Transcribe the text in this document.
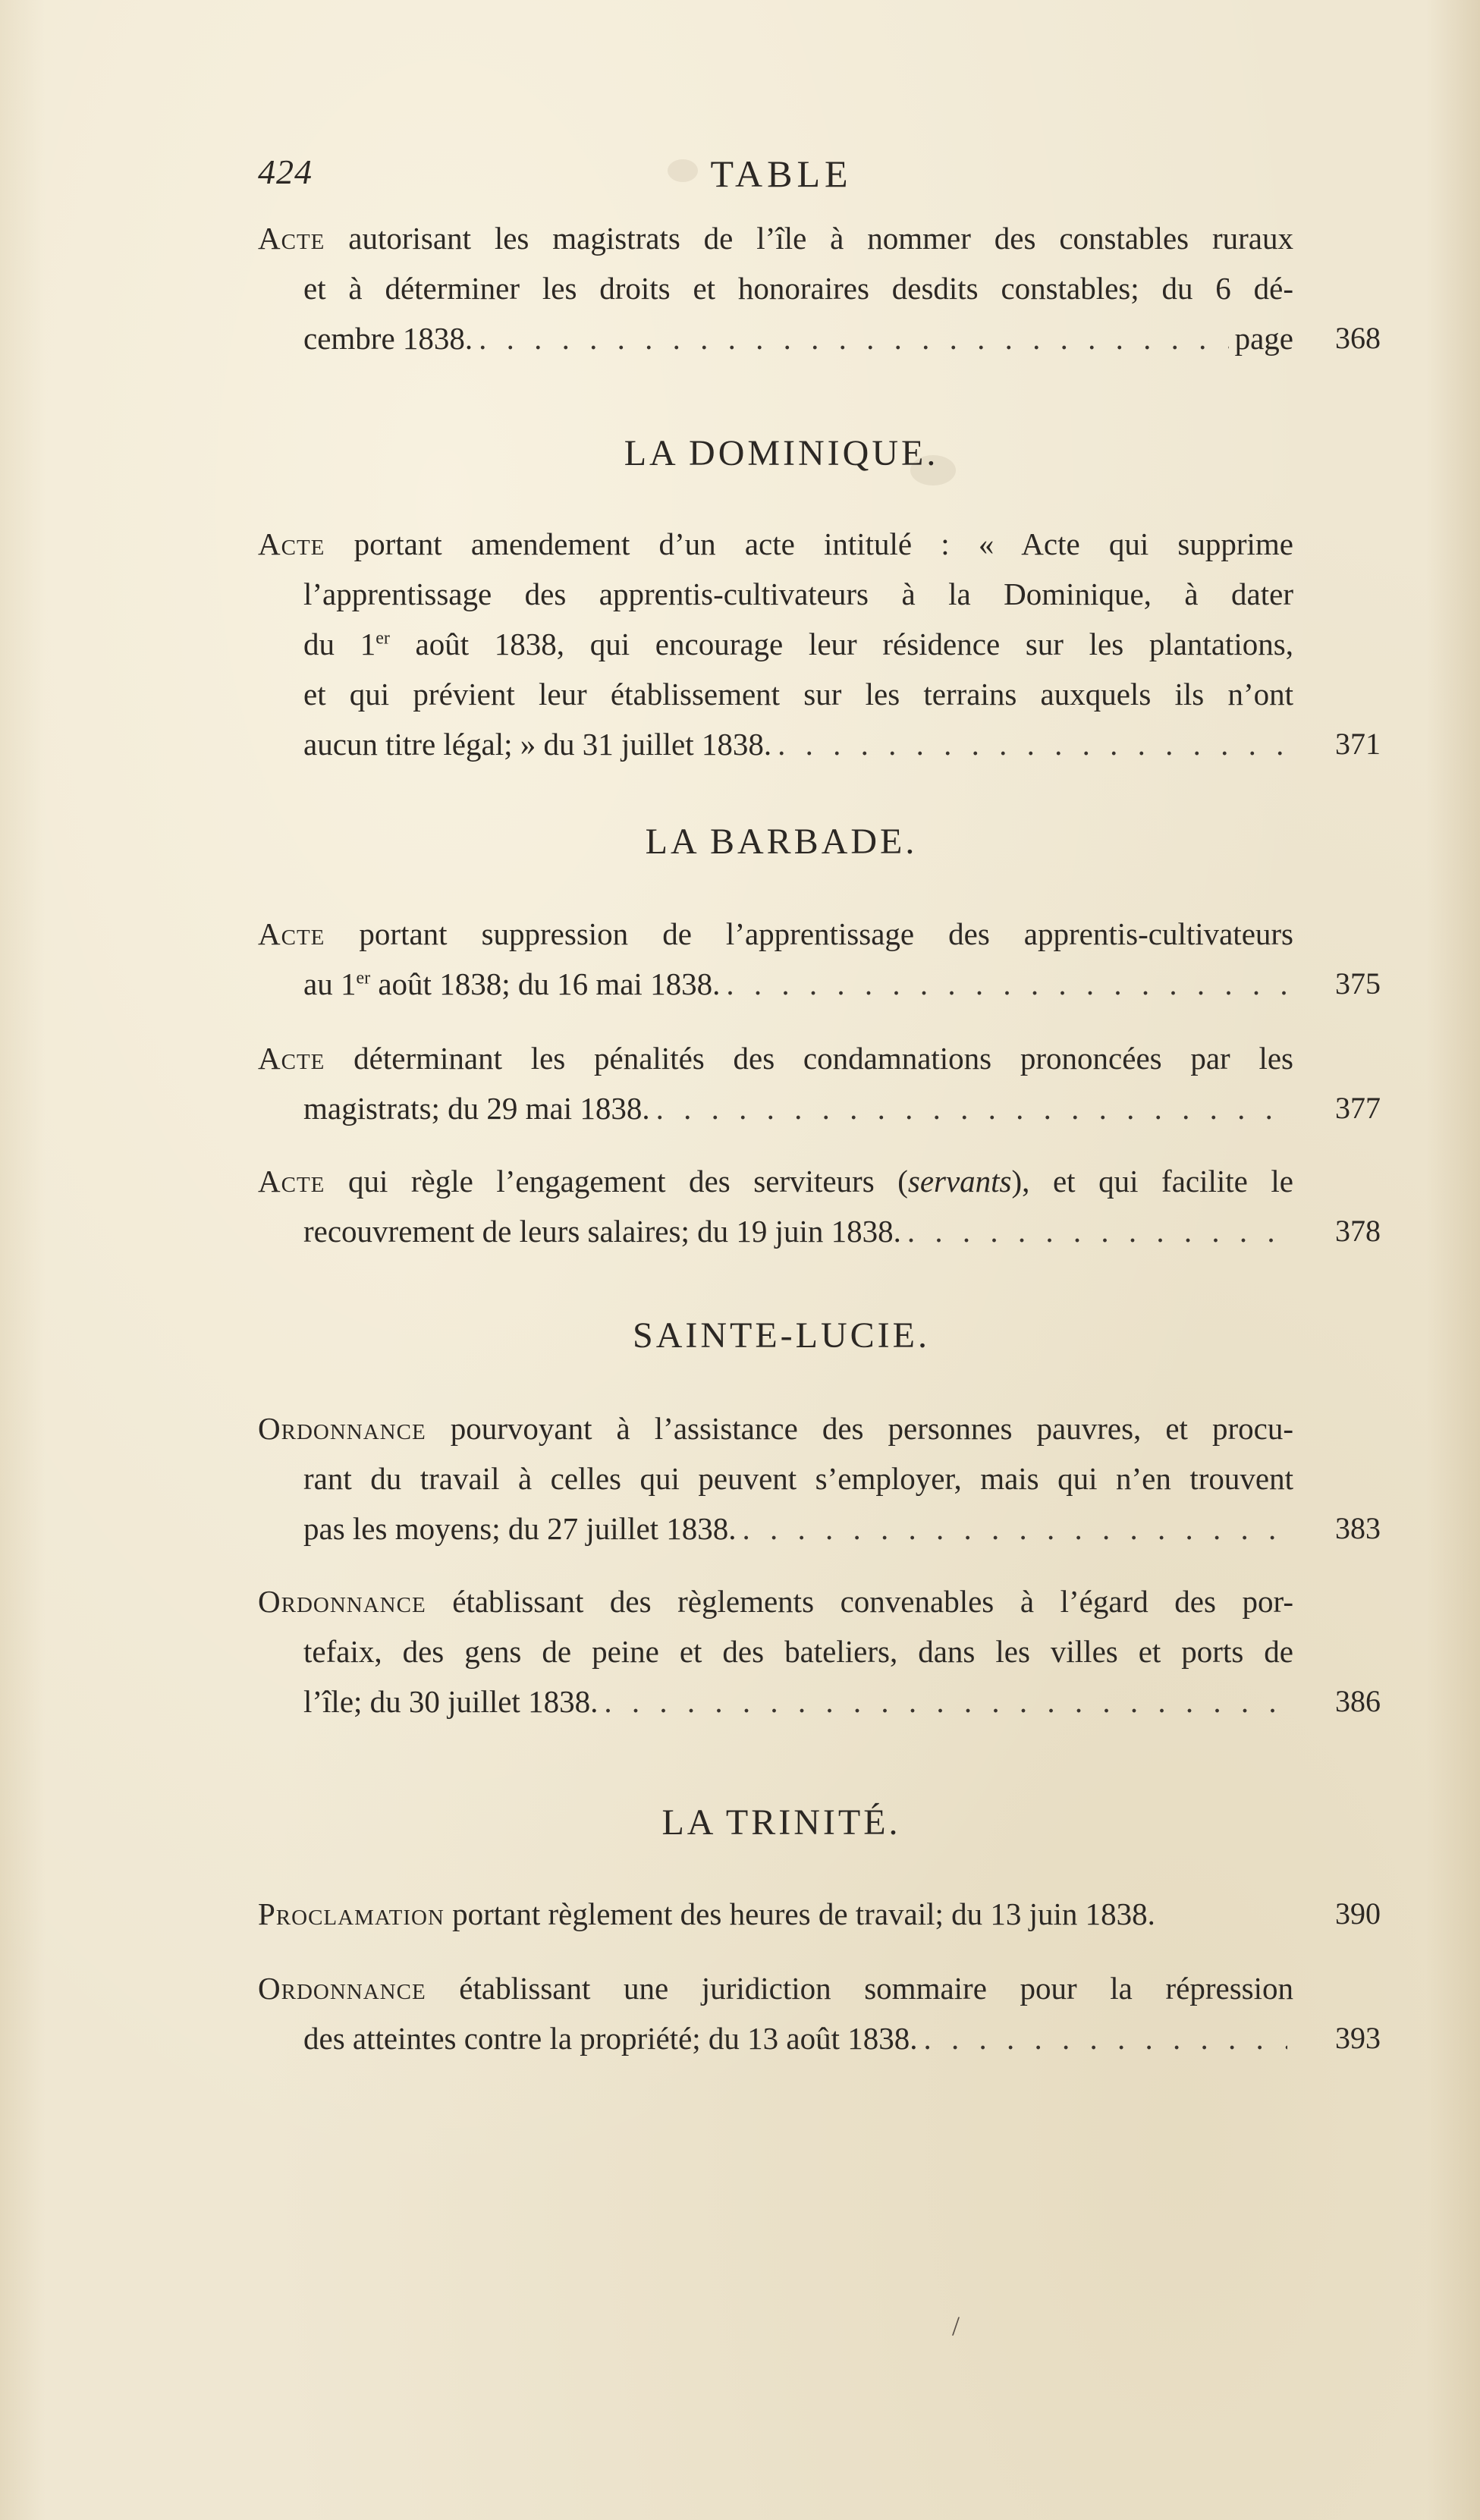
424	TABLE
Acte autorisant les magistrats de l’île à nommer des constables ruraux
et à déterminer les droits et honoraires desdits constables; du 6 dé-
cembre 1838. . . .	page 368
LA DOMINIQUE.
Acte portant amendement d’un acte intitulé : « Acte qui supprime
l’apprentissage des apprentis-cultivateurs à la Dominique, à dater
du 1er août 1838, qui encourage leur résidence sur les plantations,
et qui prévient leur établissement sur les terrains auxquels ils n’ont
aucun titre légal; » du 31 juillet 1838. . . .	371
LA BARBADE.
Acte portant suppression de l’apprentissage des apprentis-cultivateurs
au 1er août 1838; du 16 mai 1838. . . .	375
Acte déterminant les pénalités des condamnations prononcées par les
magistrats; du 29 mai 1838. . . .	377
Acte qui règle l’engagement des serviteurs (servants), et qui facilite le
recouvrement de leurs salaires; du 19 juin 1838. . . .	378
SAINTE-LUCIE.
Ordonnance pourvoyant à l’assistance des personnes pauvres, et procu-
rant du travail à celles qui peuvent s’employer, mais qui n’en trouvent
pas les moyens; du 27 juillet 1838. . . .	383
Ordonnance établissant des règlements convenables à l’égard des por-
tefaix, des gens de peine et des bateliers, dans les villes et ports de
l’île; du 30 juillet 1838. . . .	386
LA TRINITÉ.
Proclamation portant règlement des heures de travail; du 13 juin 1838.	390
Ordonnance établissant une juridiction sommaire pour la répression
des atteintes contre la propriété; du 13 août 1838. . . .	393
/
